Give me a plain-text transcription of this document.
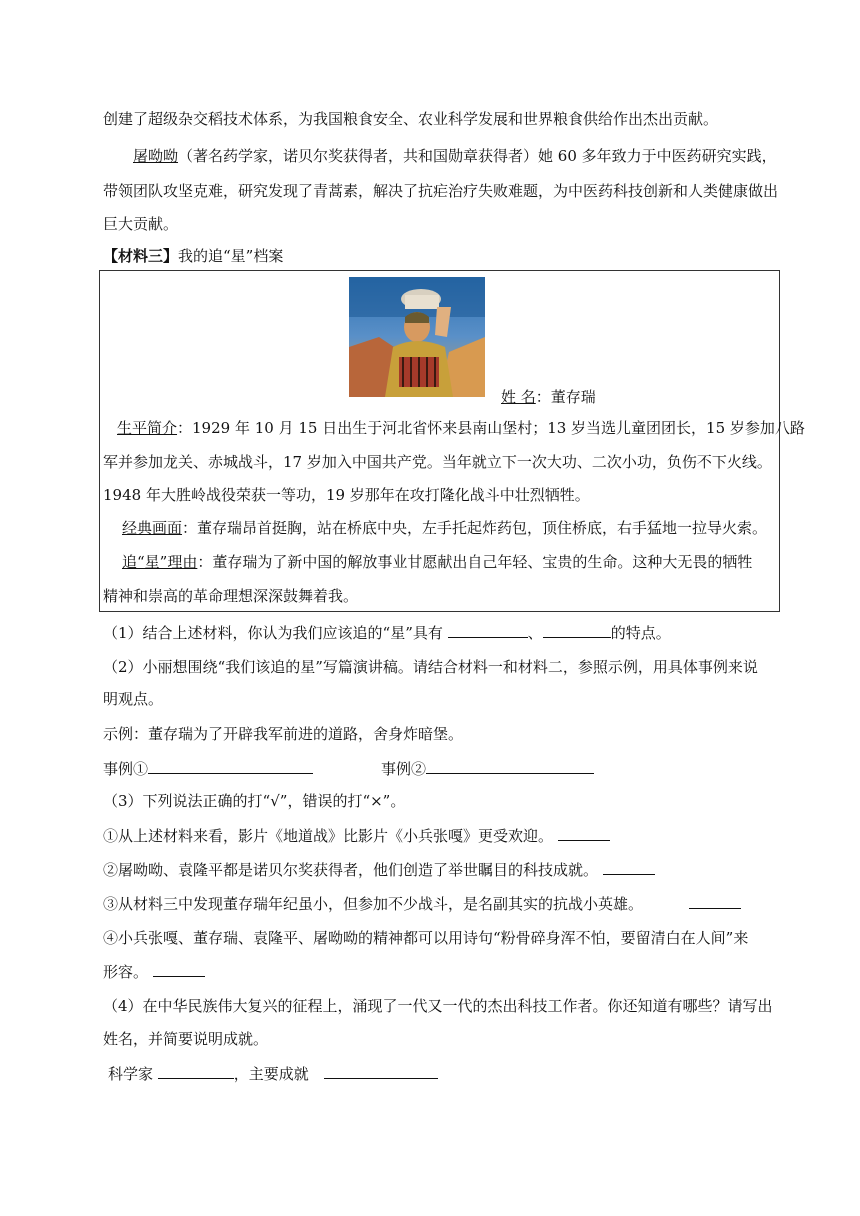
创建了超级杂交稻技术体系，为我国粮食安全、农业科学发展和世界粮食供给作出杰出贡献。
屠呦呦（著名药学家，诺贝尔奖获得者，共和国勋章获得者）她 60 多年致力于中医药研究实践，
带领团队攻坚克难，研究发现了青蒿素，解决了抗疟治疗失败难题，为中医药科技创新和人类健康做出
巨大贡献。
【材料三】我的追“星”档案
姓 名：董存瑞
生平简介：1929 年 10 月 15 日出生于河北省怀来县南山堡村；13 岁当选儿童团团长，15 岁参加八路
军并参加龙关、赤城战斗，17 岁加入中国共产党。当年就立下一次大功、二次小功，负伤不下火线。
1948 年大胜岭战役荣获一等功，19 岁那年在攻打隆化战斗中壮烈牺牲。
经典画面：董存瑞昂首挺胸，站在桥底中央，左手托起炸药包，顶住桥底，右手猛地一拉导火索。
追“星”理由：董存瑞为了新中国的解放事业甘愿献出自己年轻、宝贵的生命。这种大无畏的牺牲
精神和崇高的革命理想深深鼓舞着我。
（1）结合上述材料，你认为我们应该追的“星”具有	、	的特点。
（2）小丽想围绕“我们该追的星”写篇演讲稿。请结合材料一和材料二，参照示例，用具体事例来说
明观点。
示例：董存瑞为了开辟我军前进的道路，舍身炸暗堡。
事例①	事例②
（3）下列说法正确的打“√”，错误的打“×”。
①从上述材料来看，影片《地道战》比影片《小兵张嘎》更受欢迎。
②屠呦呦、袁隆平都是诺贝尔奖获得者，他们创造了举世瞩目的科技成就。
③从材料三中发现董存瑞年纪虽小，但参加不少战斗，是名副其实的抗战小英雄。
④小兵张嘎、董存瑞、袁隆平、屠呦呦的精神都可以用诗句“粉骨碎身浑不怕，要留清白在人间”来
形容。
（4）在中华民族伟大复兴的征程上，涌现了一代又一代的杰出科技工作者。你还知道有哪些？请写出
姓名，并简要说明成就。
科学家	，主要成就
